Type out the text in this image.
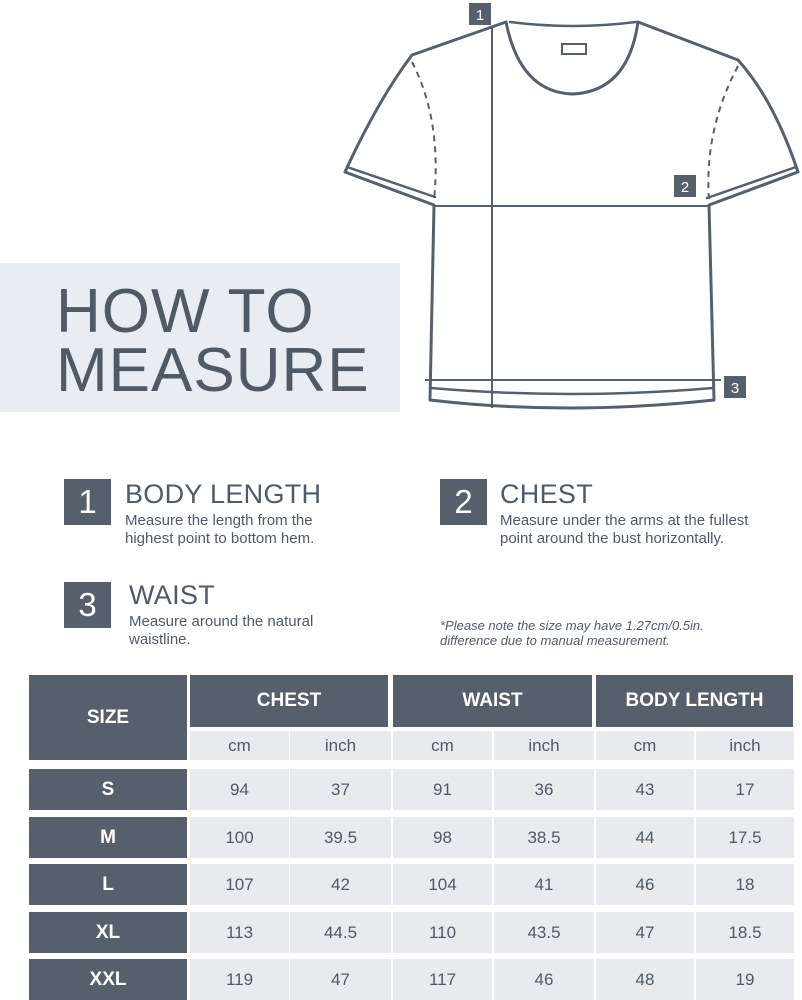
HOW TO
MEASURE
1
2
3
1	BODY LENGTH
Measure the length from the
highest point to bottom hem.
2	CHEST
Measure under the arms at the fullest
point around the bust horizontally.
3	WAIST
Measure around the natural
waistline.
*Please note the size may have 1.27cm/0.5in.
difference due to manual measurement.
SIZE
CHEST	WAIST	BODY LENGTH
cm	inch	cm	inch	cm	inch
S	94	37	91	36	43	17
M	100	39.5	98	38.5	44	17.5
L	107	42	104	41	46	18
XL	113	44.5	110	43.5	47	18.5
XXL	119	47	117	46	48	19
